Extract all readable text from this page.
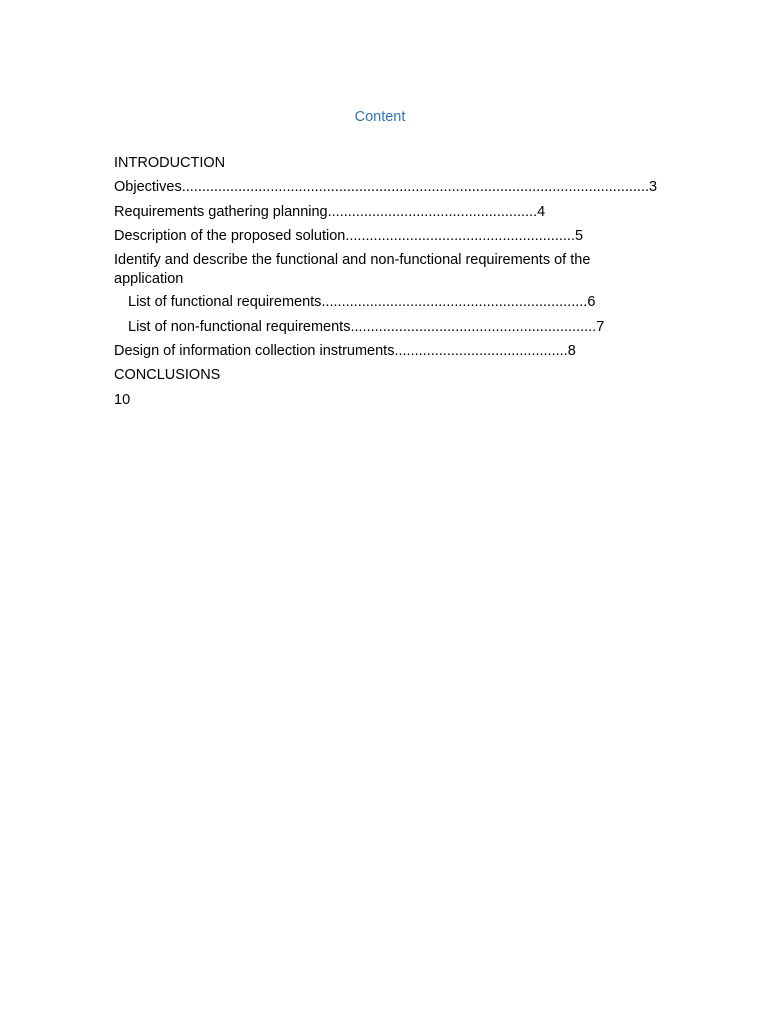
Content
INTRODUCTION
Objectives....................................................................................................................3
Requirements gathering planning....................................................4
Description of the proposed solution.........................................................5
Identify and describe the functional and non-functional requirements of the application
List of functional requirements..................................................................6
List of non-functional requirements.............................................................7
Design of information collection instruments...........................................8
CONCLUSIONS
10
